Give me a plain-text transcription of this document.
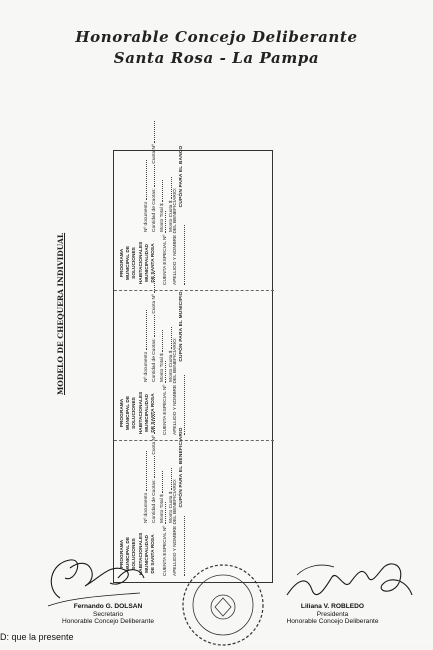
Honorable Concejo Deliberante
Santa Rosa - La Pampa
MODELO DE CHEQUERA INDIVIDUAL	PROGRAMA MUNICIPAL DE SOLUCIONES HABITACIONALES MUNICIPALIDAD DE SANTA ROSA	CUENTA ESPECIAL Nº APELLIDO Y NOMBRE DEL BENEFICIARIO:
Nº documento Cantidad de Cuotas:  Cuota Nº
Monto Total $ Monto Cuota $
CUPÓN PARA EL BANCO
PROGRAMA MUNICIPAL DE SOLUCIONES HABITACIONALES MUNICIPALIDAD DE SANTA ROSA	CUENTA ESPECIAL Nº APELLIDO Y NOMBRE DEL BENEFICIARIO:
Nº documento Cantidad de Cuotas:  Cuota Nº
Monto Total $ Monto Cuota $
CUPÓN PARA EL MUNICIPIO
PROGRAMA MUNICIPAL DE SOLUCIONES HABITACIONALES MUNICIPALIDAD DE SANTA ROSA	CUENTA ESPECIAL Nº APELLIDO Y NOMBRE DEL BENEFICIARIO:
Nº documento Cantidad de Cuotas:  Cuota Nº
Monto Total $ Monto Cuota $ CUPÓN PARA EL BENEFICIARIO
Fernando G. DOLSAN
Secretario
Honorable Concejo Deliberante
Liliana V. ROBLEDO
Presidenta
Honorable Concejo Deliberante
D: que la presente
